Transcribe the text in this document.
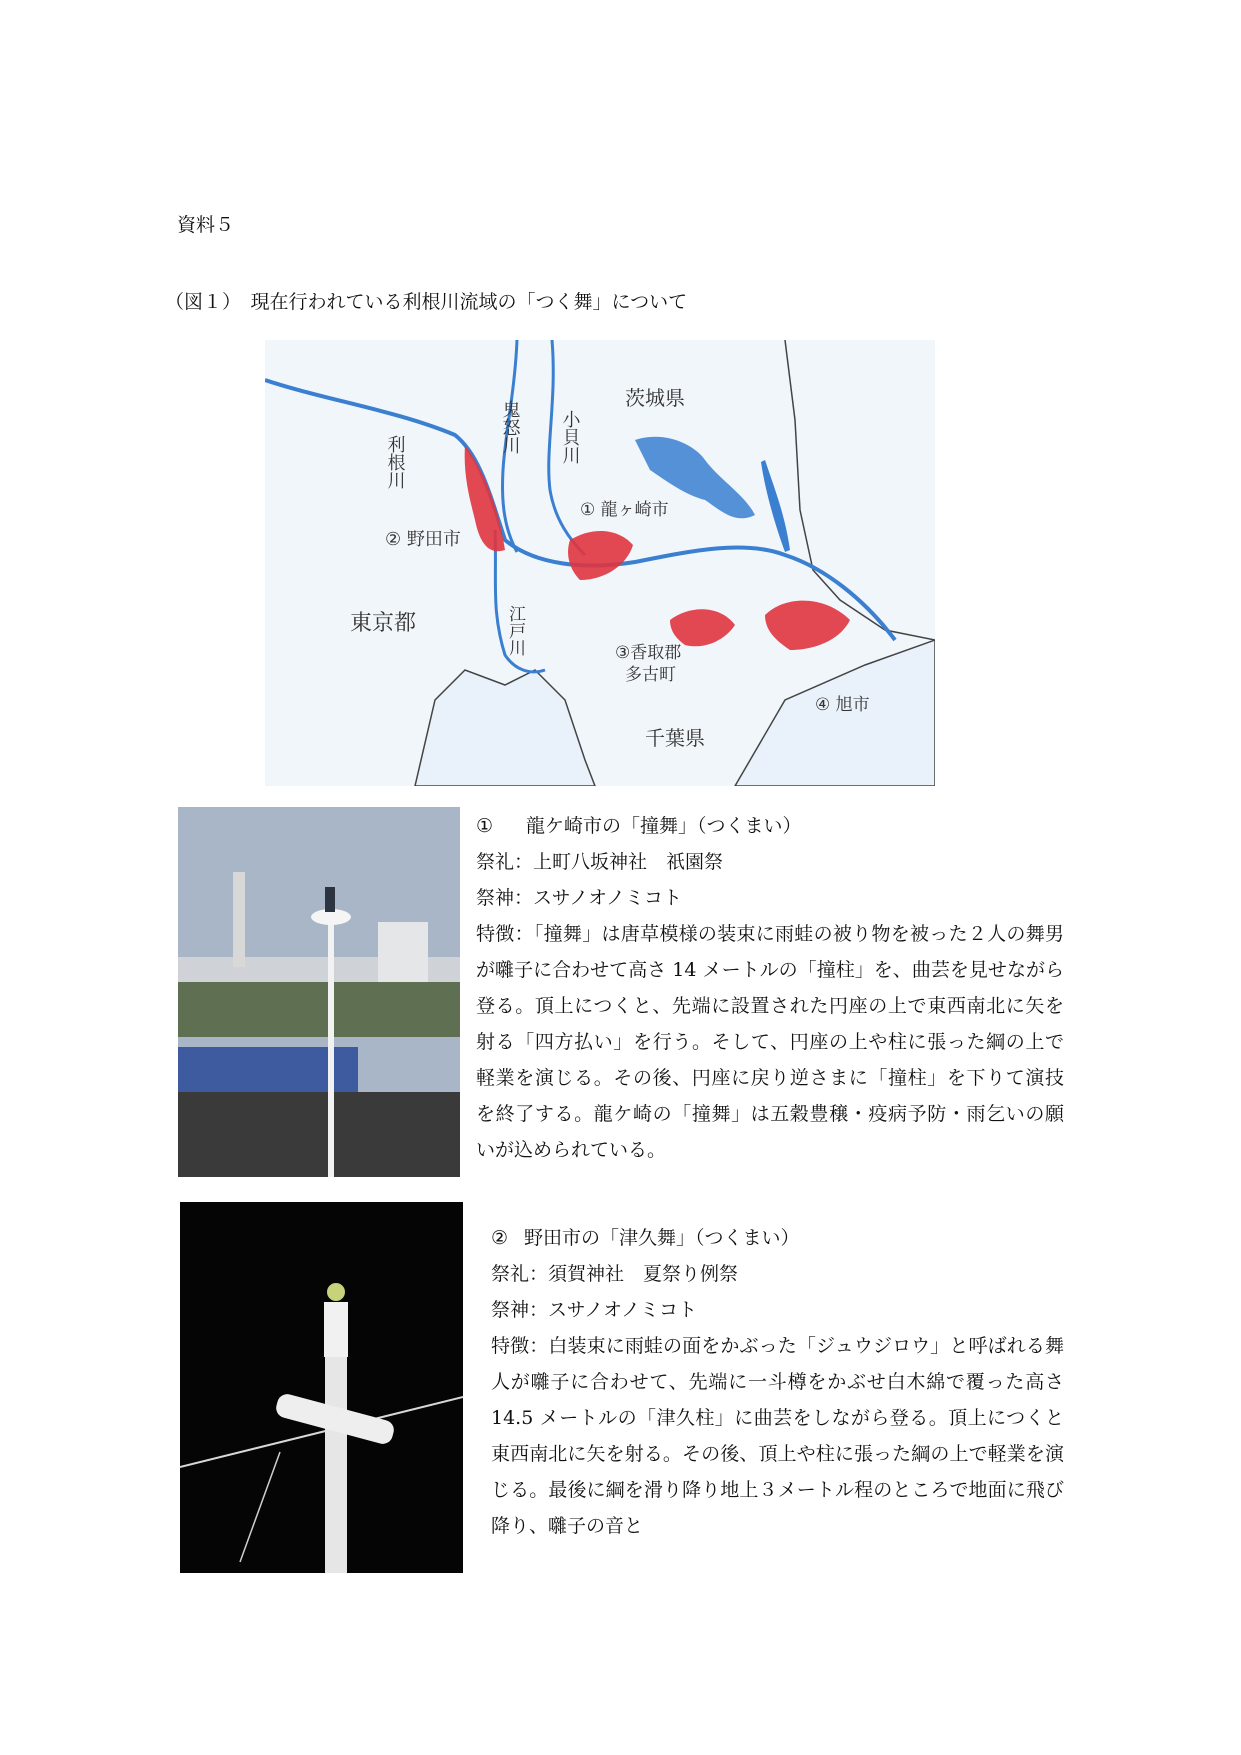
資料５
（図１）　現在行われている利根川流域の「つく舞」について
利根川
鬼怒川 小貝川
茨城県
① 龍ヶ崎市
② 野田市
東京都	江戸川	③香取郡
多古町
④ 旭市
千葉県
① 龍ケ崎市の「撞舞」（つくまい）
祭礼：上町八坂神社　祇園祭
祭神：スサノオノミコト
特徴：「撞舞」は唐草模様の装束に雨蛙の被り物を被った２人の舞男が囃子に合わせて高さ 14 メートルの「撞柱」を、曲芸を見せながら登る。頂上につくと、先端に設置された円座の上で東西南北に矢を射る「四方払い」を行う。そして、円座の上や柱に張った綱の上で軽業を演じる。その後、円座に戻り逆さまに「撞柱」を下りて演技を終了する。龍ケ崎の「撞舞」は五穀豊穣・疫病予防・雨乞いの願いが込められている。
② 野田市の「津久舞」（つくまい）
祭礼：須賀神社　夏祭り例祭
祭神：スサノオノミコト
特徴：白装束に雨蛙の面をかぶった「ジュウジロウ」と呼ばれる舞人が囃子に合わせて、先端に一斗樽をかぶせ白木綿で覆った高さ 14.5 メートルの「津久柱」に曲芸をしながら登る。頂上につくと東西南北に矢を射る。その後、頂上や柱に張った綱の上で軽業を演じる。最後に綱を滑り降り地上３メートル程のところで地面に飛び降り、囃子の音と
